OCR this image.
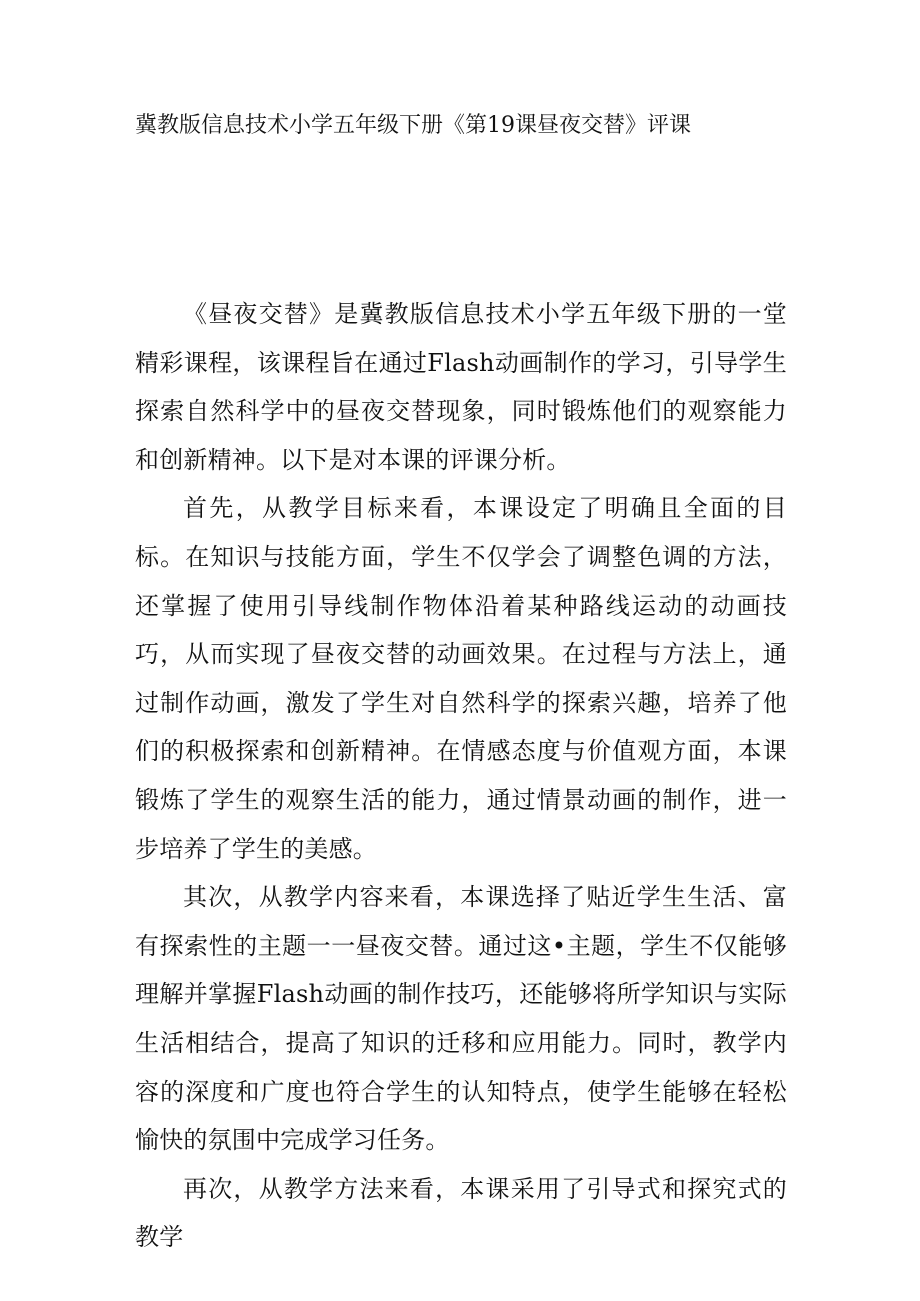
冀教版信息技术小学五年级下册《第19课昼夜交替》评课

《昼夜交替》是冀教版信息技术小学五年级下册的一堂精彩课程，该课程旨在通过Flash动画制作的学习，引导学生探索自然科学中的昼夜交替现象，同时锻炼他们的观察能力和创新精神。以下是对本课的评课分析。

首先，从教学目标来看，本课设定了明确且全面的目标。在知识与技能方面，学生不仅学会了调整色调的方法，还掌握了使用引导线制作物体沿着某种路线运动的动画技巧，从而实现了昼夜交替的动画效果。在过程与方法上，通过制作动画，激发了学生对自然科学的探索兴趣，培养了他们的积极探索和创新精神。在情感态度与价值观方面，本课锻炼了学生的观察生活的能力，通过情景动画的制作，进一步培养了学生的美感。

其次，从教学内容来看，本课选择了贴近学生生活、富有探索性的主题一一昼夜交替。通过这•主题，学生不仅能够理解并掌握Flash动画的制作技巧，还能够将所学知识与实际生活相结合，提高了知识的迁移和应用能力。同时，教学内容的深度和广度也符合学生的认知特点，使学生能够在轻松愉快的氛围中完成学习任务。

再次，从教学方法来看，本课采用了引导式和探究式的教学
